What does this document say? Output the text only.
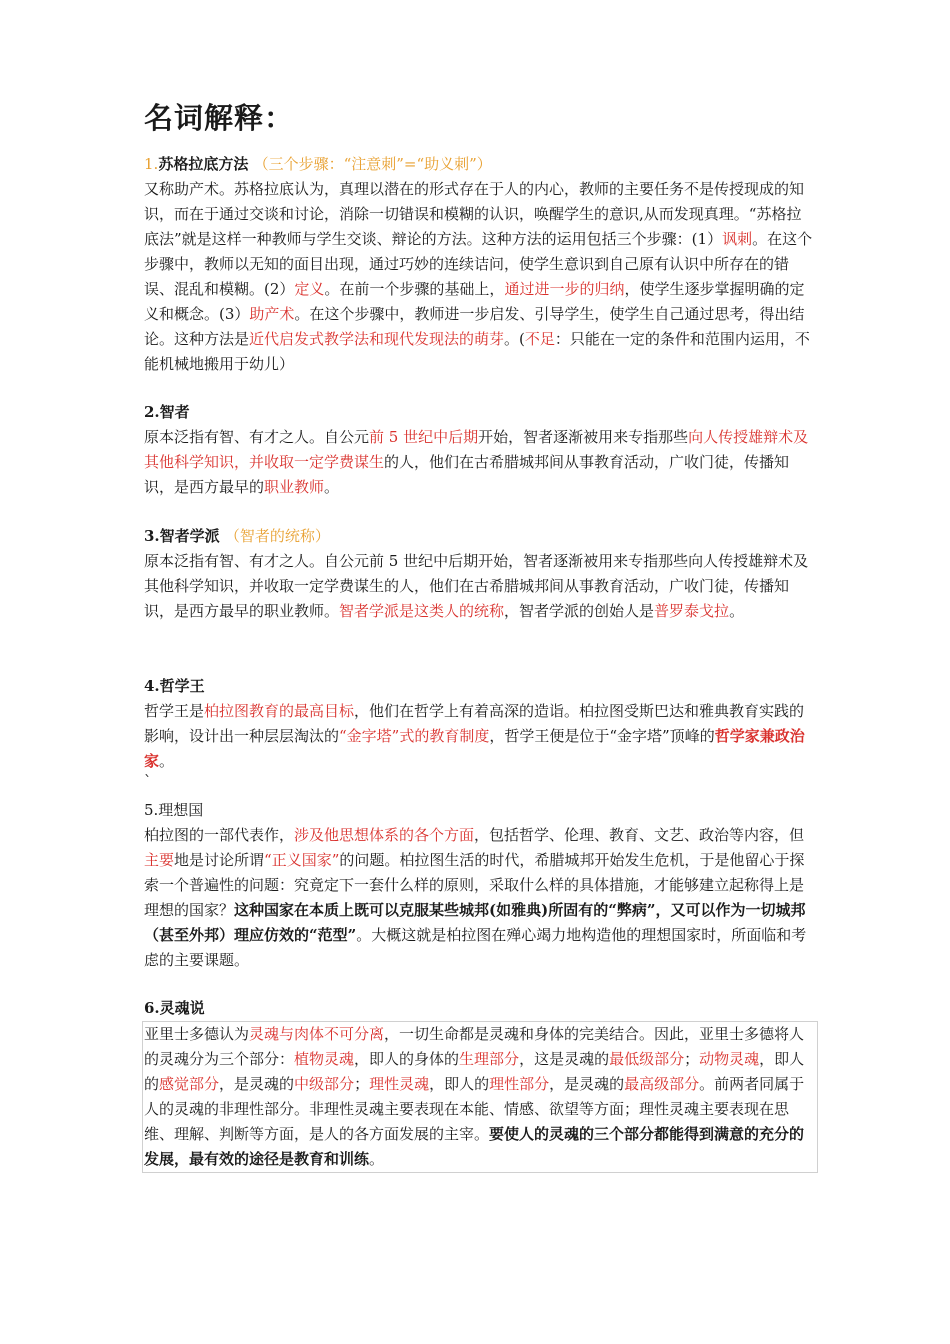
名词解释：

1.苏格拉底方法 （三个步骤：“注意刺”=“助义刺”）

又称助产术。苏格拉底认为，真理以潜在的形式存在于人的内心，教师的主要任务不是传授现成的知识，而在于通过交谈和讨论，消除一切错误和模糊的认识，唤醒学生的意识,从而发现真理。“苏格拉底法”就是这样一种教师与学生交谈、辩论的方法。这种方法的运用包括三个步骤：(1）讽刺。在这个步骤中，教师以无知的面目出现，通过巧妙的连续诘问，使学生意识到自己原有认识中所存在的错误、混乱和模糊。(2）定义。在前一个步骤的基础上，通过进一步的归纳，使学生逐步掌握明确的定义和概念。(3）助产术。在这个步骤中，教师进一步启发、引导学生，使学生自己通过思考，得出结论。这种方法是近代启发式教学法和现代发现法的萌芽。(不足：只能在一定的条件和范围内运用，不能机械地搬用于幼儿）

2.智者

原本泛指有智、有才之人。自公元前 5 世纪中后期开始，智者逐渐被用来专指那些向人传授雄辩术及其他科学知识，并收取一定学费谋生的人，他们在古希腊城邦间从事教育活动，广收门徒，传播知识，是西方最早的职业教师。

3.智者学派 （智者的统称）

原本泛指有智、有才之人。自公元前 5 世纪中后期开始，智者逐渐被用来专指那些向人传授雄辩术及其他科学知识，并收取一定学费谋生的人，他们在古希腊城邦间从事教育活动，广收门徒，传播知识，是西方最早的职业教师。智者学派是这类人的统称，智者学派的创始人是普罗泰戈拉。

4.哲学王

哲学王是柏拉图教育的最高目标，他们在哲学上有着高深的造诣。柏拉图受斯巴达和雅典教育实践的影响，设计出一种层层淘汰的“金字塔”式的教育制度，哲学王便是位于“金字塔”顶峰的哲学家兼政治家。

`

5.理想国

柏拉图的一部代表作，涉及他思想体系的各个方面，包括哲学、伦理、教育、文艺、政治等内容，但主要地是讨论所谓“正义国家”的问题。柏拉图生活的时代，希腊城邦开始发生危机，于是他留心于探索一个普遍性的问题：究竟定下一套什么样的原则，采取什么样的具体措施，才能够建立起称得上是理想的国家？这种国家在本质上既可以克服某些城邦(如雅典)所固有的“弊病”，又可以作为一切城邦（甚至外邦）理应仿效的“范型”。大概这就是柏拉图在殚心竭力地构造他的理想国家时，所面临和考虑的主要课题。

6.灵魂说

亚里士多德认为灵魂与肉体不可分离，一切生命都是灵魂和身体的完美结合。因此，亚里士多德将人的灵魂分为三个部分：植物灵魂，即人的身体的生理部分，这是灵魂的最低级部分；动物灵魂，即人的感觉部分，是灵魂的中级部分；理性灵魂，即人的理性部分，是灵魂的最高级部分。前两者同属于人的灵魂的非理性部分。非理性灵魂主要表现在本能、情感、欲望等方面；理性灵魂主要表现在思维、理解、判断等方面，是人的各方面发展的主宰。要使人的灵魂的三个部分都能得到满意的充分的发展，最有效的途径是教育和训练。
